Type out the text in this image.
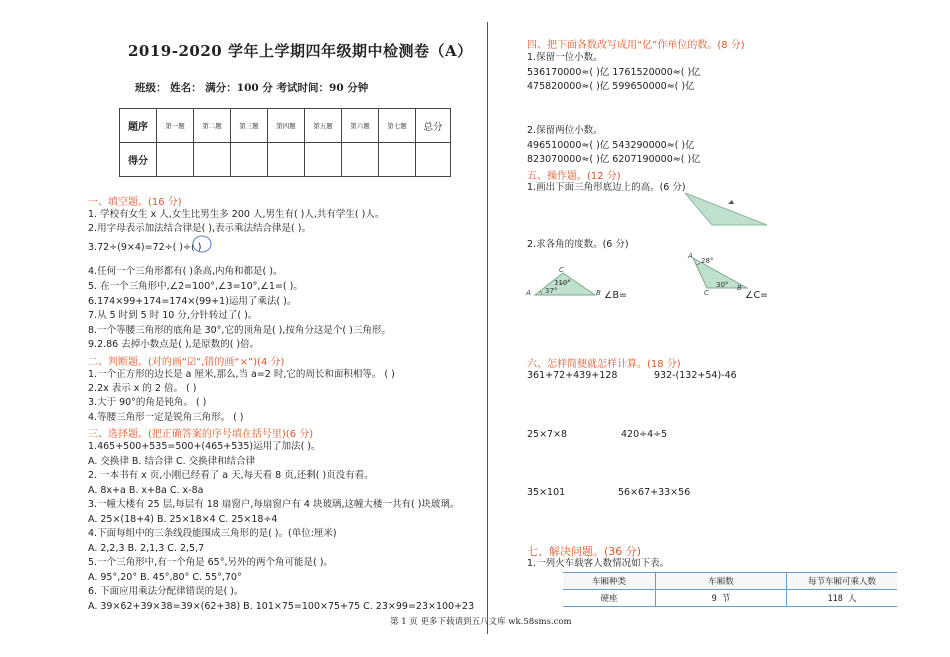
2019-2020 学年上学期四年级期中检测卷（A）
班级： 姓名： 满分：100 分 考试时间：90 分钟
题序	第一题	第二题	第三题	第四题	第五题	第六题	第七题	总分
得分								
一、填空题。(16 分)
1. 学校有女生 x 人,女生比男生多 200 人,男生有( )人,共有学生( )人。
2.用字母表示加法结合律是( ),表示乘法结合律是( )。
3.72÷(9×4)=72÷( )÷( )
4.任何一个三角形都有( )条高,内角和都是( )。
5. 在一个三角形中,∠2=100°,∠3=10°,∠1=( )。
6.174×99+174=174×(99+1)运用了乘法( )。
7.从 5 时到 5 时 10 分,分针转过了( )。
8.一个等腰三角形的底角是 30°,它的顶角是( ),按角分这是个( )三角形。
9.2.86 去掉小数点是( ),是原数的( )倍。
二、判断题。(对的画“☑”,错的画“×”)(4 分)
1.一个正方形的边长是 a 厘米,那么,当 a=2 时,它的周长和面积相等。 ( )
2.2x 表示 x 的 2 倍。 ( )
3.大于 90°的角是钝角。 ( )
4.等腰三角形一定是锐角三角形。 ( )
三、选择题。(把正确答案的序号填在括号里)(6 分)
1.465+500+535=500+(465+535)运用了加法( )。
A. 交换律 B. 结合律 C. 交换律和结合律
2. 一本书有 x 页,小刚已经看了 a 天,每天看 8 页,还剩( )页没有看。
A. 8x+a B. x+8a C. x-8a
3.一幢大楼有 25 层,每层有 18 扇窗户,每扇窗户有 4 块玻璃,这幢大楼一共有( )块玻璃。
A. 25×(18+4) B. 25×18×4 C. 25×18÷4
4.下面每组中的三条线段能围成三角形的是( )。(单位:厘米)
A. 2,2,3 B. 2,1,3 C. 2,5,7
5.一个三角形中,有一个角是 65°,另外的两个角可能是( )。
A. 95°,20° B. 45°,80° C. 55°,70°
6. 下面应用乘法分配律错误的是( )。
A. 39×62+39×38=39×(62+38) B. 101×75=100×75+75 C. 23×99=23×100+23
四、把下面各数改写成用“亿”作单位的数。(8 分)
1.保留一位小数。
536170000≈( )亿 1761520000≈( )亿
475820000≈( )亿 599650000≈( )亿
2.保留两位小数。
496510000≈( )亿 543290000≈( )亿
823070000≈( )亿 6207190000≈( )亿
五、操作题。(12 分)
1.画出下面三角形底边上的高。(6 分)
2.求各角的度数。(6 分)
A
C
B
110°
37°	∠B=
A
28°
30°
C
B
∠C=
六、怎样简便就怎样计算。(18 分)
361+72+439+128	932-(132+54)-46
25×7×8	420÷4÷5
35×101	56×67+33×56
七、解决问题。(36 分)
1.一列火车载客人数情况如下表。
车厢种类	车厢数	每节车厢可乘人数
硬座	9 节	118 人
第 1 页 更多下载请到五八文库 wk.58sms.com
